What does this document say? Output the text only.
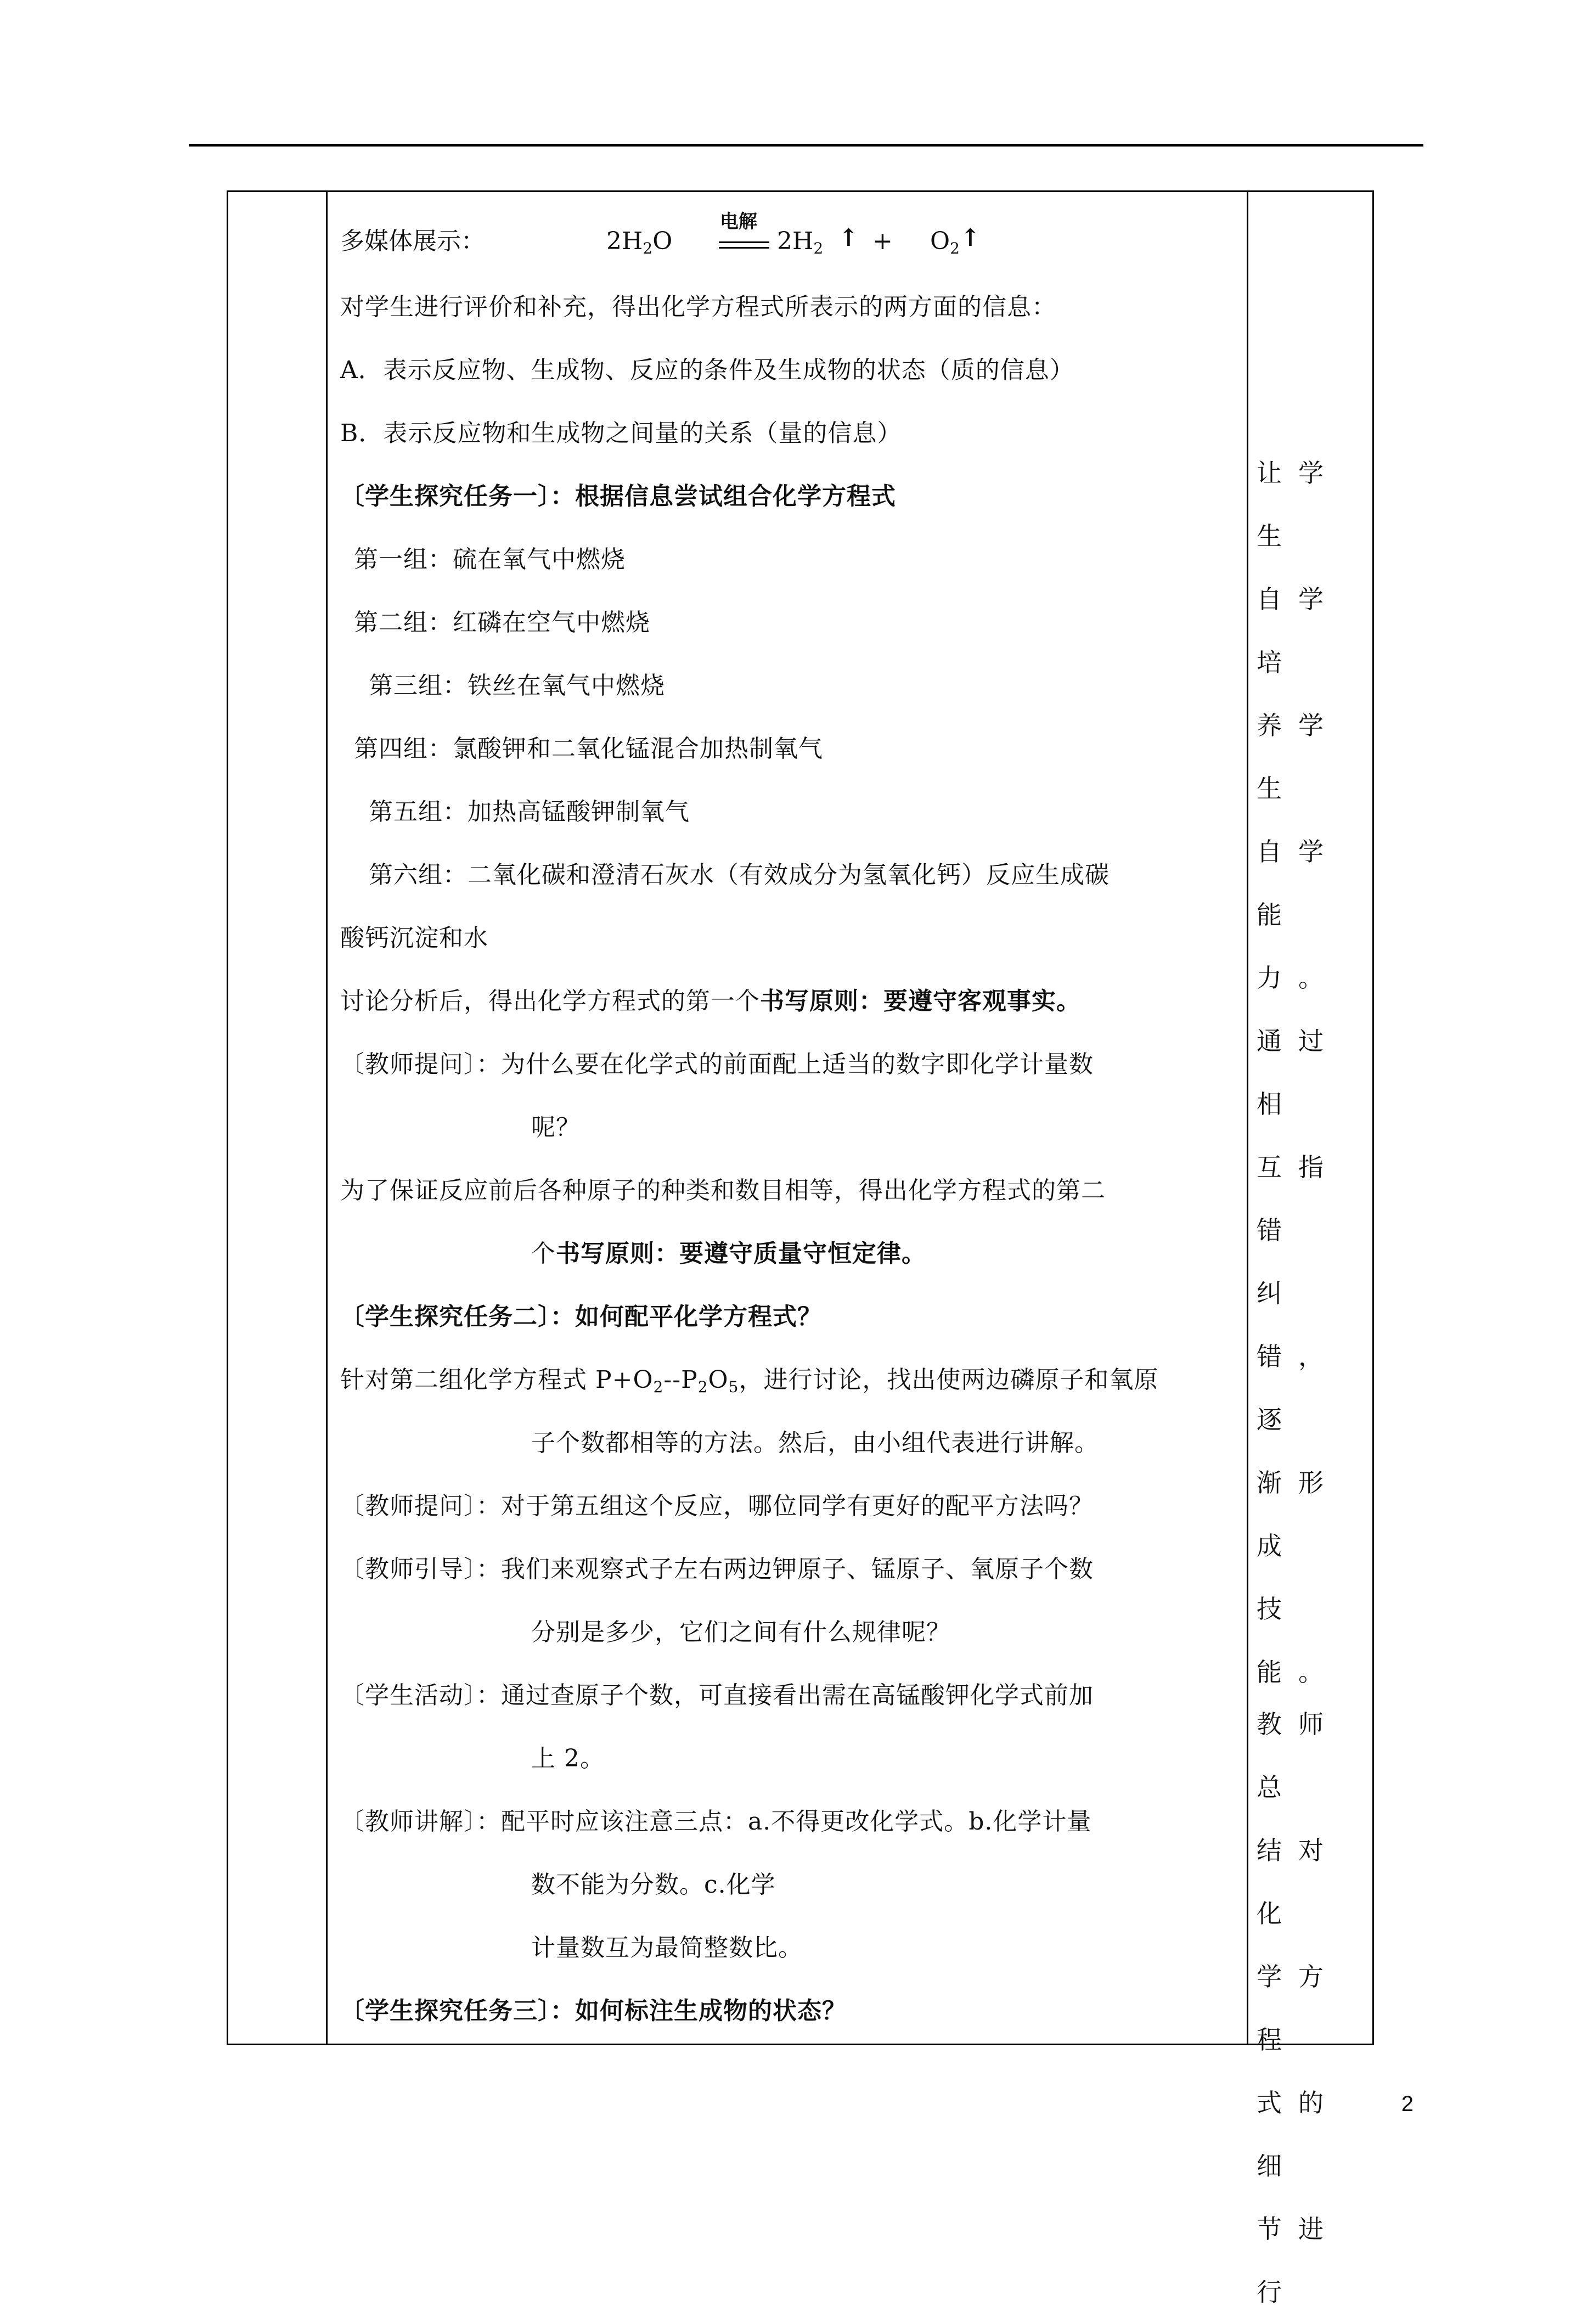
多媒体展示：	$2H_2O$
电解
$2H_2$ ↑ + $O_2$ ↑
对学生进行评价和补充，得出化学方程式所表示的两方面的信息：
A．表示反应物、生成物、反应的条件及生成物的状态（质的信息）
B．表示反应物和生成物之间量的关系（量的信息）
〔学生探究任务一〕：根据信息尝试组合化学方程式
第一组：硫在氧气中燃烧
第二组：红磷在空气中燃烧
第三组：铁丝在氧气中燃烧
第四组：氯酸钾和二氧化锰混合加热制氧气
第五组：加热高锰酸钾制氧气
第六组：二氧化碳和澄清石灰水（有效成分为氢氧化钙）反应生成碳
酸钙沉淀和水
讨论分析后，得出化学方程式的第一个书写原则：要遵守客观事实。
〔教师提问〕：为什么要在化学式的前面配上适当的数字即化学计量数
呢？
为了保证反应前后各种原子的种类和数目相等，得出化学方程式的第二
个书写原则：要遵守质量守恒定律。
〔学生探究任务二〕：如何配平化学方程式？
针对第二组化学方程式 $P+O_2--P_2O_5$，进行讨论，找出使两边磷原子和氧原
子个数都相等的方法。然后，由小组代表进行讲解。
〔教师提问〕：对于第五组这个反应，哪位同学有更好的配平方法吗？
〔教师引导〕：我们来观察式子左右两边钾原子、锰原子、氧原子个数
分别是多少，它们之间有什么规律呢？
〔学生活动〕：通过查原子个数，可直接看出需在高锰酸钾化学式前加
上 2。
〔教师讲解〕：配平时应该注意三点：a.不得更改化学式。b.化学计量
数不能为分数。c.化学
计量数互为最简整数比。
〔学生探究任务三〕：如何标注生成物的状态？
让学生
自学培
养学生
自学能
力。
通过相
互指错
纠错，逐
渐形成
技能。
教师总
结对化
学方程
式的细
节进行
2
